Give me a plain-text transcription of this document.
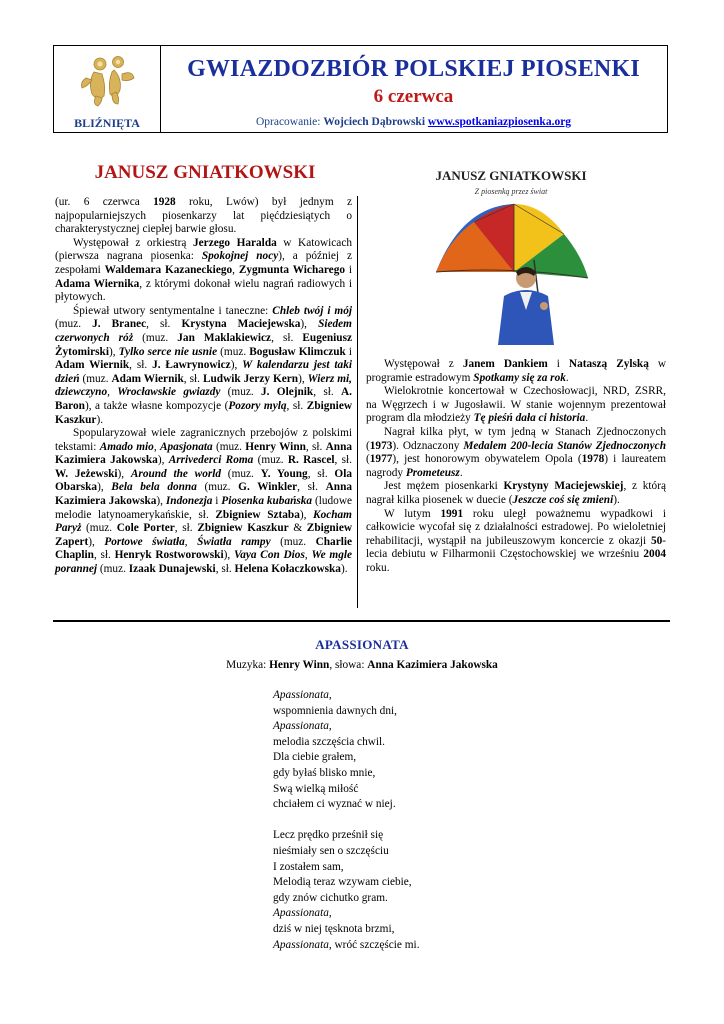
BLIŹNIĘTA
GWIAZDOZBIÓR POLSKIEJ PIOSENKI
6 czerwca
Opracowanie: Wojciech Dąbrowski www.spotkaniazpiosenka.org
JANUSZ GNIATKOWSKI

(ur. 6 czerwca 1928 roku, Lwów) był jednym z najpopularniejszych piosenkarzy lat pięćdziesiątych o charakterystycznej ciepłej barwie głosu.

Występował z orkiestrą Jerzego Haralda w Katowicach (pierwsza nagrana piosenka: Spokojnej nocy), a później z zespołami Waldemara Kazaneckiego, Zygmunta Wicharego i Adama Wiernika, z którymi dokonał wielu nagrań radiowych i płytowych.

Śpiewał utwory sentymentalne i taneczne: Chleb twój i mój (muz. J. Branec, sł. Krystyna Maciejewska), Siedem czerwonych róż (muz. Jan Maklakiewicz, sł. Eugeniusz Żytomirski), Tylko serce nie usnie (muz. Bogusław Klimczuk i Adam Wiernik, sł. J. Ławrynowicz), W kalendarzu jest taki dzień (muz. Adam Wiernik, sł. Ludwik Jerzy Kern), Wierz mi, dziewczyno, Wrocławskie gwiazdy (muz. J. Olejnik, sł. A. Baron), a także własne kompozycje (Pozory mylą, sł. Zbigniew Kaszkur).

Spopularyzował wiele zagranicznych przebojów z polskimi tekstami: Amado mio, Apasjonata (muz. Henry Winn, sł. Anna Kazimiera Jakowska), Arrivederci Roma (muz. R. Rascel, sł. W. Jeżewski), Around the world (muz. Y. Young, sł. Ola Obarska), Bela bela donna (muz. G. Winkler, sł. Anna Kazimiera Jakowska), Indonezja i Piosenka kubańska (ludowe melodie latynoamerykańskie, sł. Zbigniew Sztaba), Kocham Paryż (muz. Cole Porter, sł. Zbigniew Kaszkur & Zbigniew Zapert), Portowe światła, Światła rampy (muz. Charlie Chaplin, sł. Henryk Rostworowski), Vaya Con Dios, We mgle porannej (muz. Izaak Dunajewski, sł. Helena Kołaczkowska).

JANUSZ GNIATKOWSKI
Z piosenką przez świat

Występował z Janem Dankiem i Nataszą Zylską w programie estradowym Spotkamy się za rok.

Wielokrotnie koncertował w Czechosłowacji, NRD, ZSRR, na Węgrzech i w Jugosławii. W stanie wojennym prezentował program dla młodzieży Tę pieśń dała ci historia.

Nagrał kilka płyt, w tym jedną w Stanach Zjednoczonych (1973). Odznaczony Medalem 200-lecia Stanów Zjednoczonych (1977), jest honorowym obywatelem Opola (1978) i laureatem nagrody Prometeusz.

Jest mężem piosenkarki Krystyny Maciejewskiej, z którą nagrał kilka piosenek w duecie (Jeszcze coś się zmieni).

W lutym 1991 roku uległ poważnemu wypadkowi i całkowicie wycofał się z działalności estradowej. Po wieloletniej rehabilitacji, wystąpił na jubileuszowym koncercie z okazji 50-lecia debiutu w Filharmonii Częstochowskiej we wrześniu 2004 roku.

APASSIONATA
Muzyka: Henry Winn, słowa: Anna Kazimiera Jakowska
Apassionata,
wspomnienia dawnych dni,
Apassionata,
melodia szczęścia chwil.
Dla ciebie grałem,
gdy byłaś blisko mnie,
Swą wielką miłość
chciałem ci wyznać w niej.
Lecz prędko prześnił się
nieśmiały sen o szczęściu
I zostałem sam,
Melodią teraz wzywam ciebie,
gdy znów cichutko gram.
Apassionata,
dziś w niej tęsknota brzmi,
Apassionata, wróć szczęście mi.
